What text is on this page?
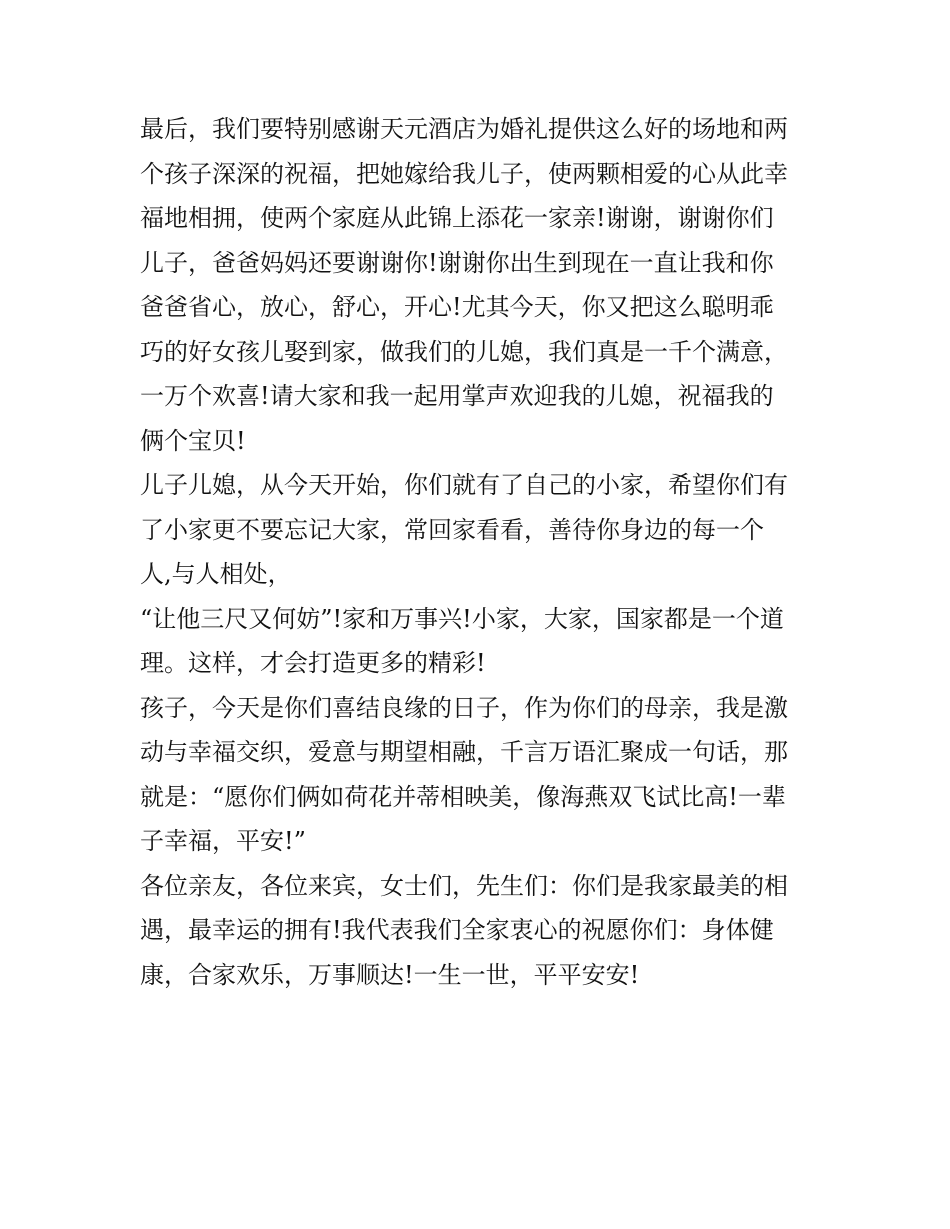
最后，我们要特别感谢天元酒店为婚礼提供这么好的场地和两
个孩子深深的祝福，把她嫁给我儿子，使两颗相爱的心从此幸
福地相拥，使两个家庭从此锦上添花一家亲!谢谢，谢谢你们
儿子，爸爸妈妈还要谢谢你!谢谢你出生到现在一直让我和你
爸爸省心，放心，舒心，开心!尤其今天，你又把这么聪明乖
巧的好女孩儿娶到家，做我们的儿媳，我们真是一千个满意，
一万个欢喜!请大家和我一起用掌声欢迎我的儿媳，祝福我的
俩个宝贝!
儿子儿媳，从今天开始，你们就有了自己的小家，希望你们有
了小家更不要忘记大家，常回家看看，善待你身边的每一个
人,与人相处，
“让他三尺又何妨”!家和万事兴!小家，大家，国家都是一个道
理。这样，才会打造更多的精彩!
孩子，今天是你们喜结良缘的日子，作为你们的母亲，我是激
动与幸福交织，爱意与期望相融，千言万语汇聚成一句话，那
就是：“愿你们俩如荷花并蒂相映美，像海燕双飞试比高!一辈
子幸福，平安!”
各位亲友，各位来宾，女士们，先生们：你们是我家最美的相
遇，最幸运的拥有!我代表我们全家衷心的祝愿你们：身体健
康，合家欢乐，万事顺达!一生一世，平平安安!
